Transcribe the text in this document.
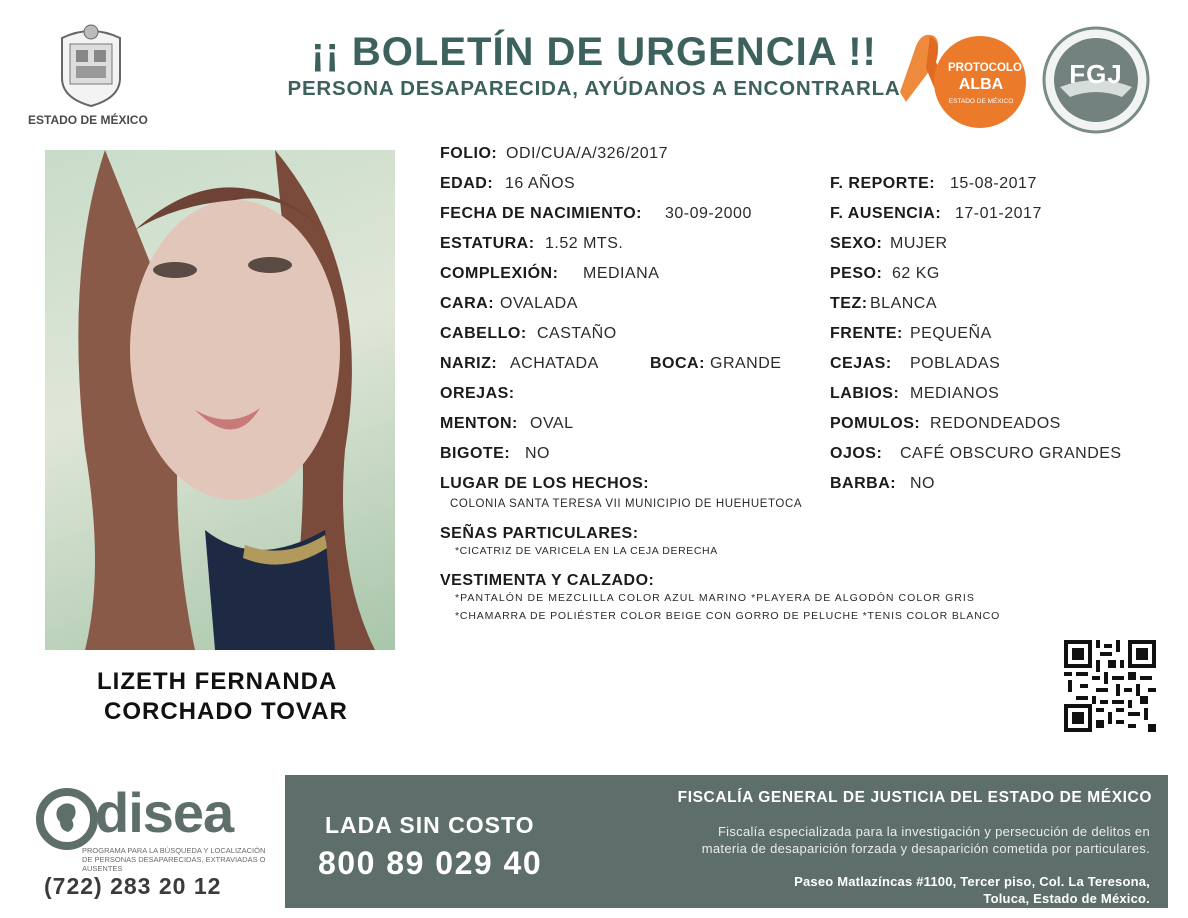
ESTADO DE MÉXICO
¡¡ BOLETÍN DE URGENCIA !!
PERSONA DESAPARECIDA, AYÚDANOS A ENCONTRARLA
PROTOCOLO
ALBA
ESTADO DE MÉXICO
FGJ
LIZETH FERNANDA
CORCHADO TOVAR
FOLIO: ODI/CUA/A/326/2017
EDAD: 16 AÑOS	F. REPORTE: 15-08-2017
FECHA DE NACIMIENTO: 30-09-2000	F. AUSENCIA: 17-01-2017
ESTATURA: 1.52 MTS.	SEXO: MUJER
COMPLEXIÓN: MEDIANA	PESO: 62 KG
CARA: OVALADA	TEZ: BLANCA
CABELLO: CASTAÑO	FRENTE: PEQUEÑA
NARIZ: ACHATADA	BOCA: GRANDE	CEJAS: POBLADAS
OREJAS:	LABIOS: MEDIANOS
MENTON: OVAL	POMULOS: REDONDEADOS
BIGOTE: NO	OJOS: CAFÉ OBSCURO GRANDES
LUGAR DE LOS HECHOS:	BARBA: NO
COLONIA SANTA TERESA VII MUNICIPIO DE HUEHUETOCA
SEÑAS PARTICULARES:
*CICATRIZ DE VARICELA EN LA CEJA DERECHA
VESTIMENTA Y CALZADO:
*PANTALÓN DE MEZCLILLA COLOR AZUL MARINO *PLAYERA DE ALGODÓN COLOR GRIS
*CHAMARRA DE POLIÉSTER COLOR BEIGE CON GORRO DE PELUCHE *TENIS COLOR BLANCO
disea
PROGRAMA PARA LA BÚSQUEDA Y LOCALIZACIÓN DE PERSONAS DESAPARECIDAS, EXTRAVIADAS O AUSENTES
(722) 283 20 12
LADA SIN COSTO
800 89 029 40
FISCALÍA GENERAL DE JUSTICIA DEL ESTADO DE MÉXICO
Fiscalía especializada para la investigación y persecución de delitos en
materia de desaparición forzada y desaparición cometida por particulares.
Paseo Matlazíncas #1100, Tercer piso, Col. La Teresona,
Toluca, Estado de México.
